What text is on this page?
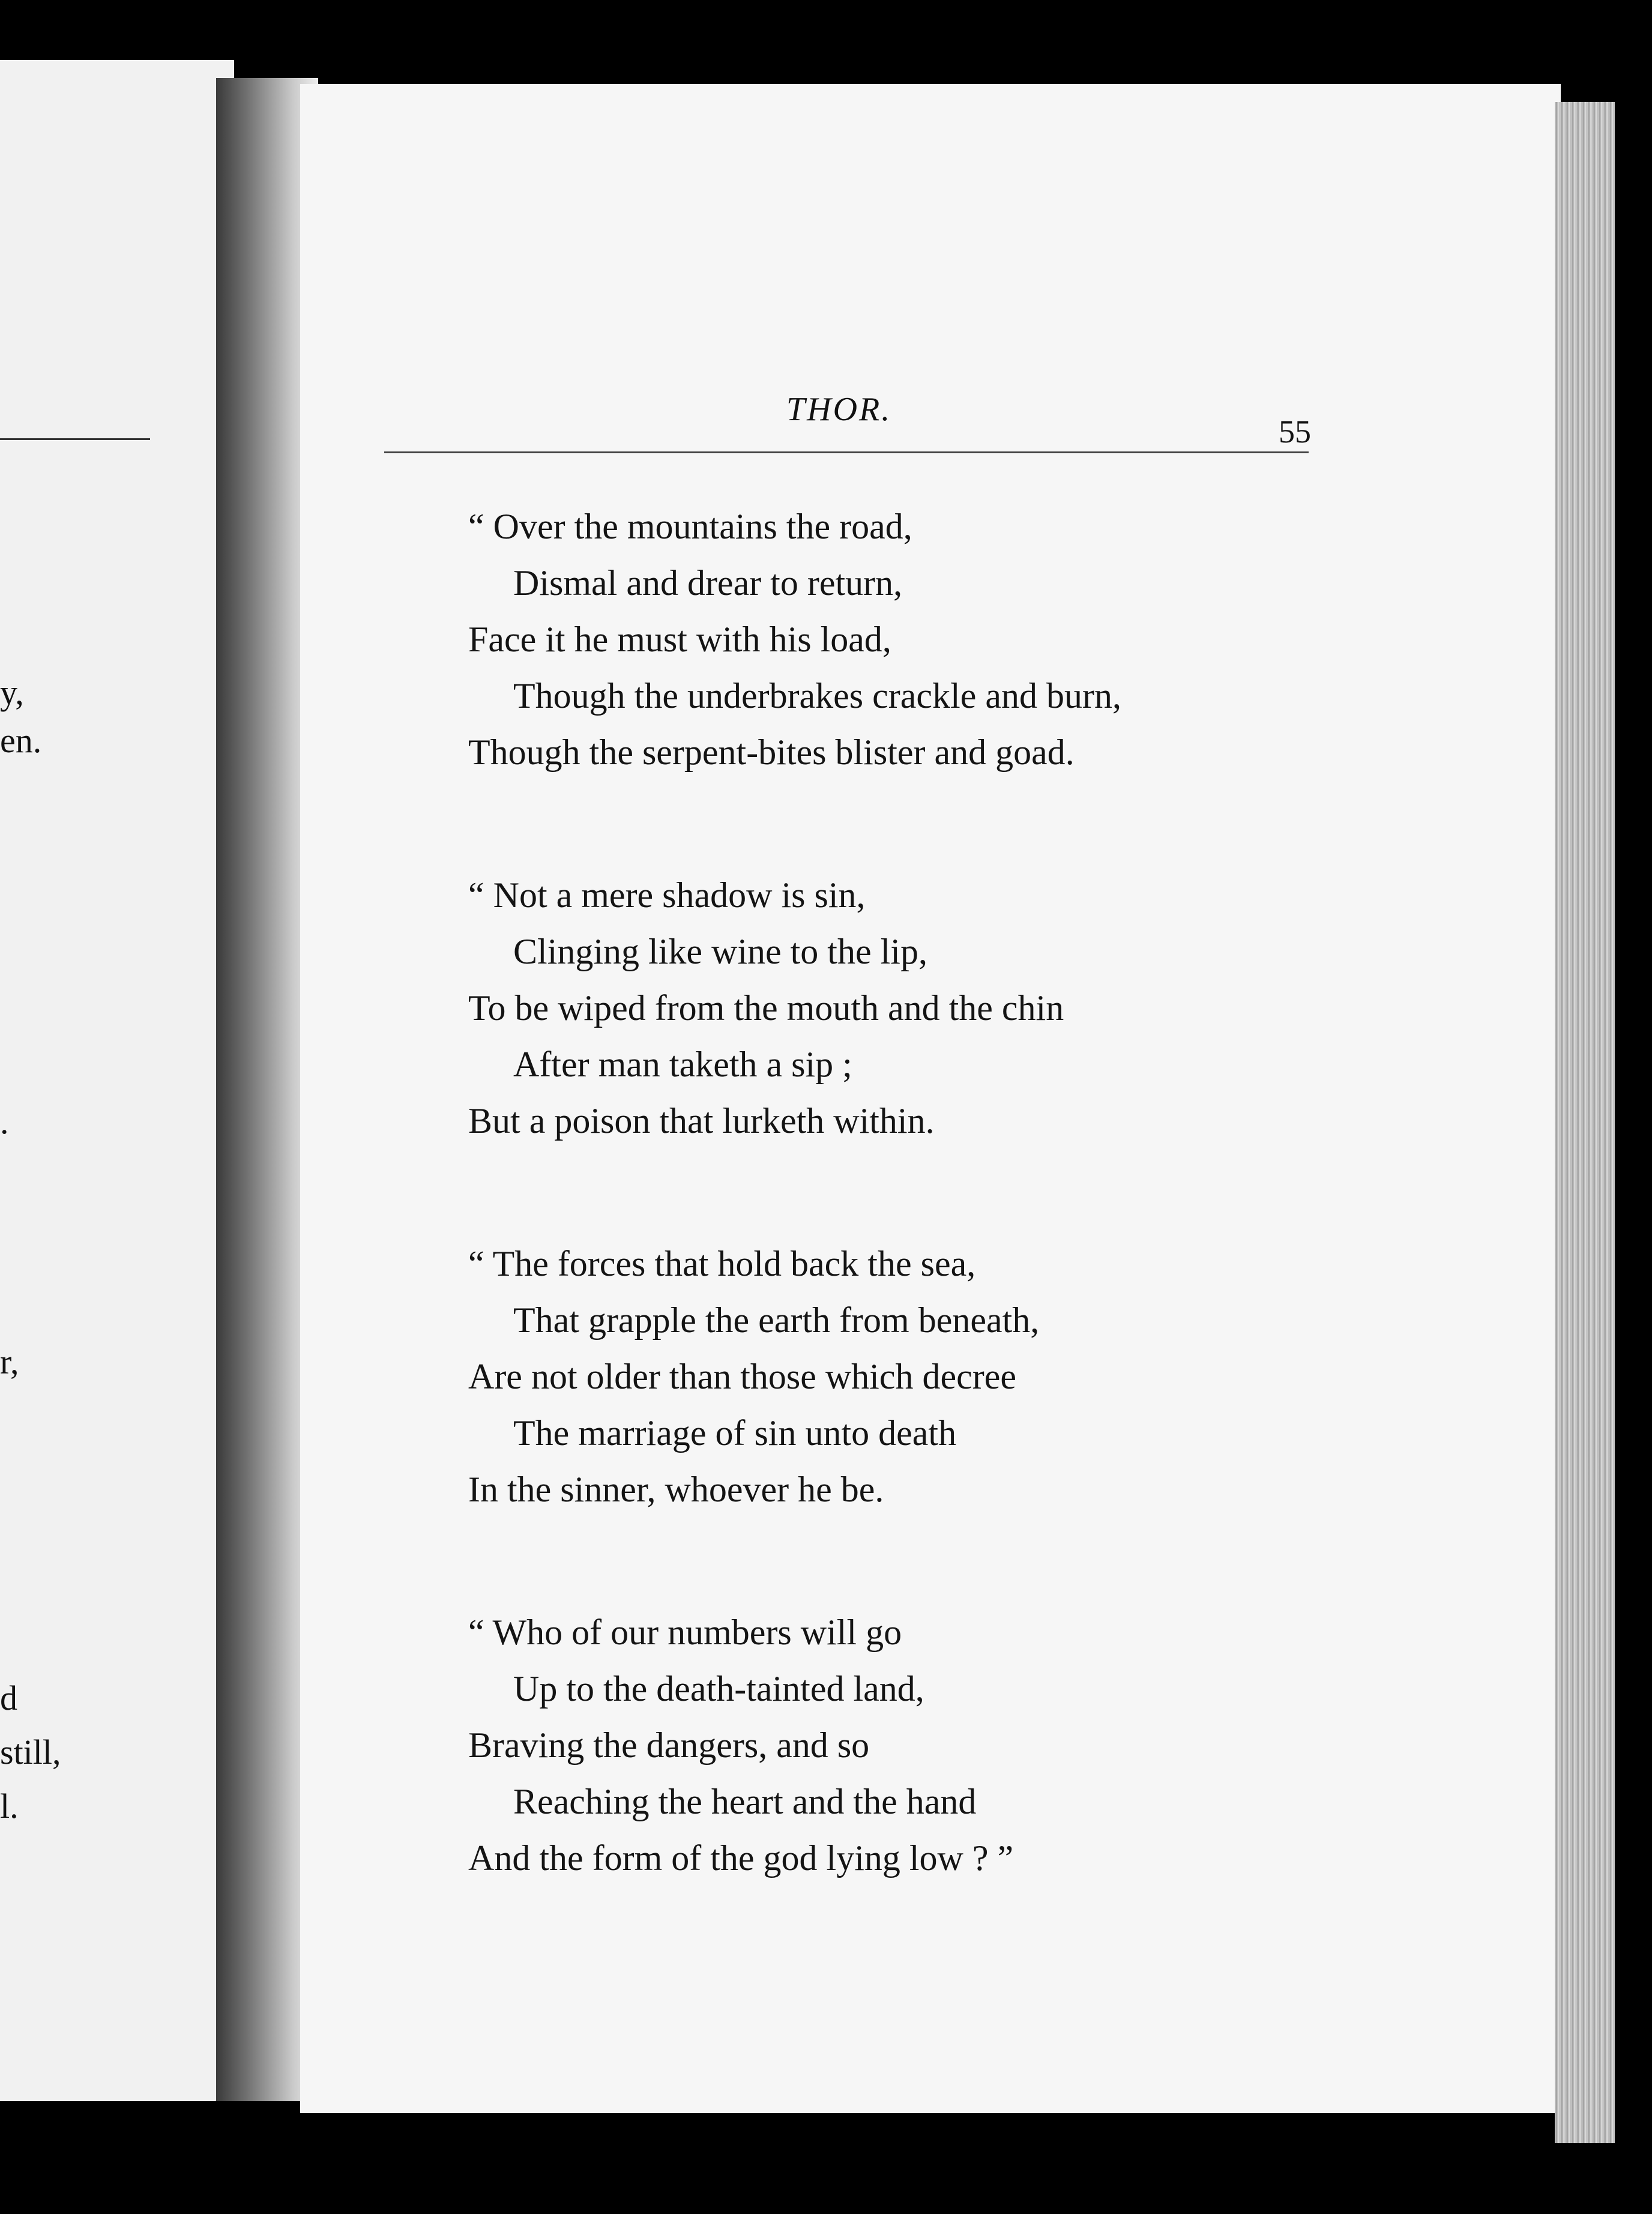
y,
en.
.
r,
d
still,
l.
THOR.
55
“ Over the mountains the road,
Dismal and drear to return,
Face it he must with his load,
Though the underbrakes crackle and burn,
Though the serpent-bites blister and goad.
“ Not a mere shadow is sin,
Clinging like wine to the lip,
To be wiped from the mouth and the chin
After man taketh a sip ;
But a poison that lurketh within.
“ The forces that hold back the sea,
That grapple the earth from beneath,
Are not older than those which decree
The marriage of sin unto death
In the sinner, whoever he be.
“ Who of our numbers will go
Up to the death-tainted land,
Braving the dangers, and so
Reaching the heart and the hand
And the form of the god lying low ? ”
